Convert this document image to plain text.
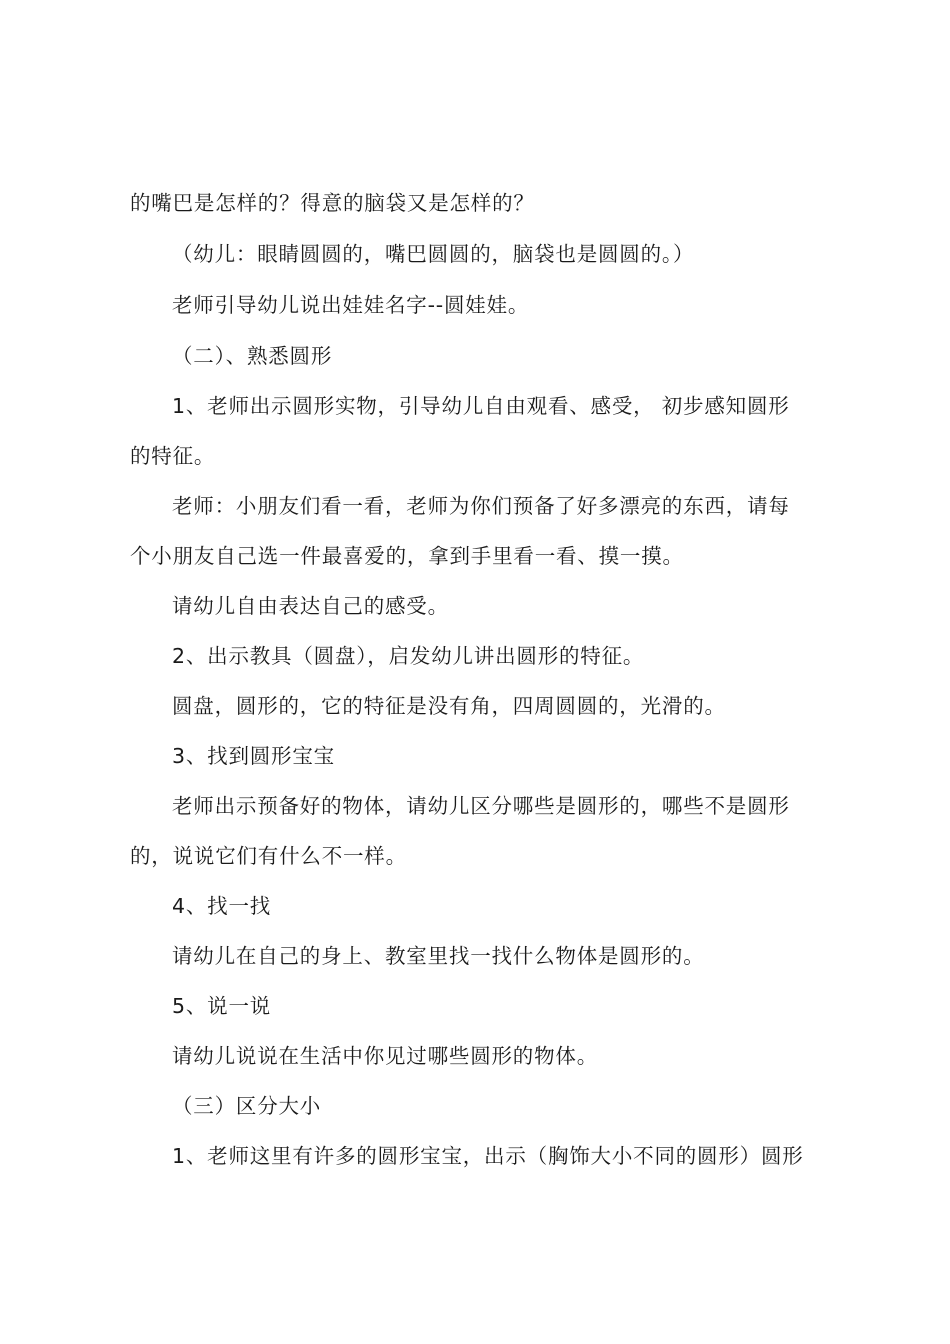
的嘴巴是怎样的？得意的脑袋又是怎样的？
（幼儿：眼睛圆圆的，嘴巴圆圆的，脑袋也是圆圆的。）
老师引导幼儿说出娃娃名字--圆娃娃。
（二）、熟悉圆形
1、老师出示圆形实物，引导幼儿自由观看、感受， 初步感知圆形
的特征。
老师：小朋友们看一看，老师为你们预备了好多漂亮的东西，请每
个小朋友自己选一件最喜爱的，拿到手里看一看、摸一摸。
请幼儿自由表达自己的感受。
2、出示教具（圆盘），启发幼儿讲出圆形的特征。
圆盘，圆形的，它的特征是没有角，四周圆圆的，光滑的。
3、找到圆形宝宝
老师出示预备好的物体，请幼儿区分哪些是圆形的，哪些不是圆形
的，说说它们有什么不一样。
4、找一找
请幼儿在自己的身上、教室里找一找什么物体是圆形的。
5、说一说
请幼儿说说在生活中你见过哪些圆形的物体。
（三）区分大小
1、老师这里有许多的圆形宝宝，出示（胸饰大小不同的圆形）圆形
